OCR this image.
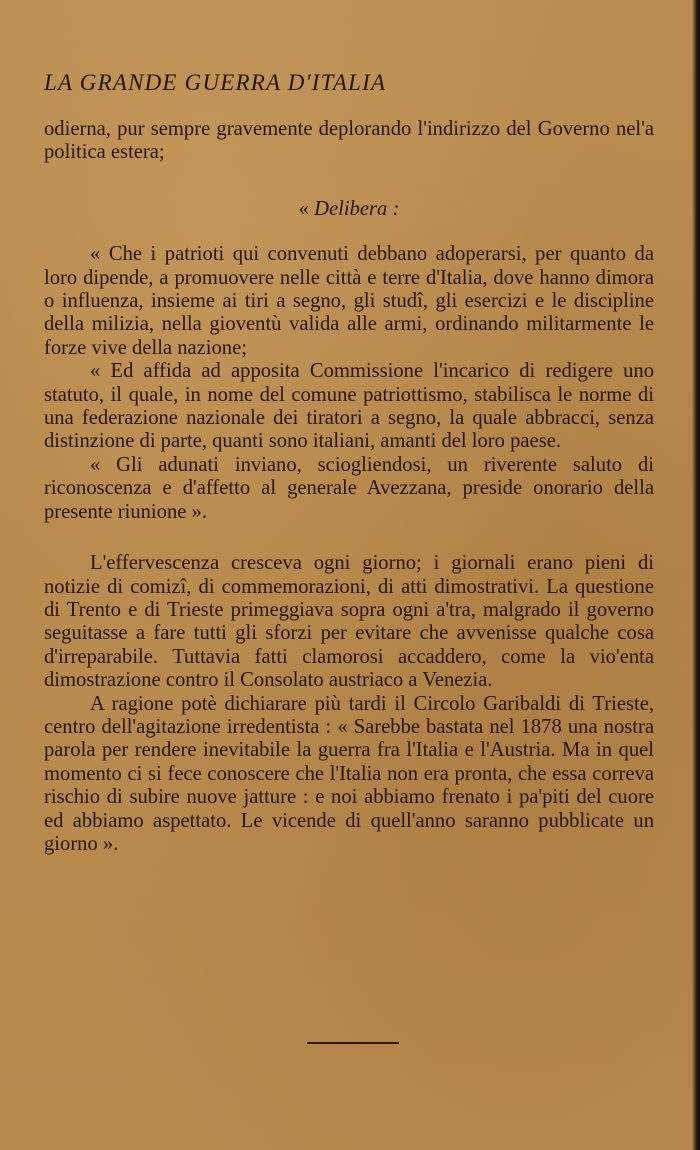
LA GRANDE GUERRA D'ITALIA

odierna, pur sempre gravemente deplorando l'indirizzo del Governo nel'a politica estera;

« Delibera :

« Che i patrioti qui convenuti debbano adoperarsi, per quanto da loro dipende, a promuovere nelle città e terre d'Italia, dove hanno dimora o influenza, insieme ai tiri a segno, gli studî, gli esercizi e le discipline della milizia, nella gioventù valida alle armi, ordinando militarmente le forze vive della nazione;

« Ed affida ad apposita Commissione l'incarico di redigere uno statuto, il quale, in nome del comune patriottismo, stabilisca le norme di una federazione nazionale dei tiratori a segno, la quale abbracci, senza distinzione di parte, quanti sono italiani, amanti del loro paese.

« Gli adunati inviano, sciogliendosi, un riverente saluto di riconoscenza e d'affetto al generale Avezzana, preside onorario della presente riunione ».

L'effervescenza cresceva ogni giorno; i giornali erano pieni di notizie di comizî, di commemorazioni, di atti dimostrativi. La questione di Trento e di Trieste primeggiava sopra ogni a'tra, malgrado il governo seguitasse a fare tutti gli sforzi per evitare che avvenisse qualche cosa d'irreparabile. Tuttavia fatti clamorosi accaddero, come la vio'enta dimostrazione contro il Consolato austriaco a Venezia.

A ragione potè dichiarare più tardi il Circolo Garibaldi di Trieste, centro dell'agitazione irredentista : « Sarebbe bastata nel 1878 una nostra parola per rendere inevitabile la guerra fra l'Italia e l'Austria. Ma in quel momento ci si fece conoscere che l'Italia non era pronta, che essa correva rischio di subire nuove jatture : e noi abbiamo frenato i pa'piti del cuore ed abbiamo aspettato. Le vicende di quell'anno saranno pubblicate un giorno ».
